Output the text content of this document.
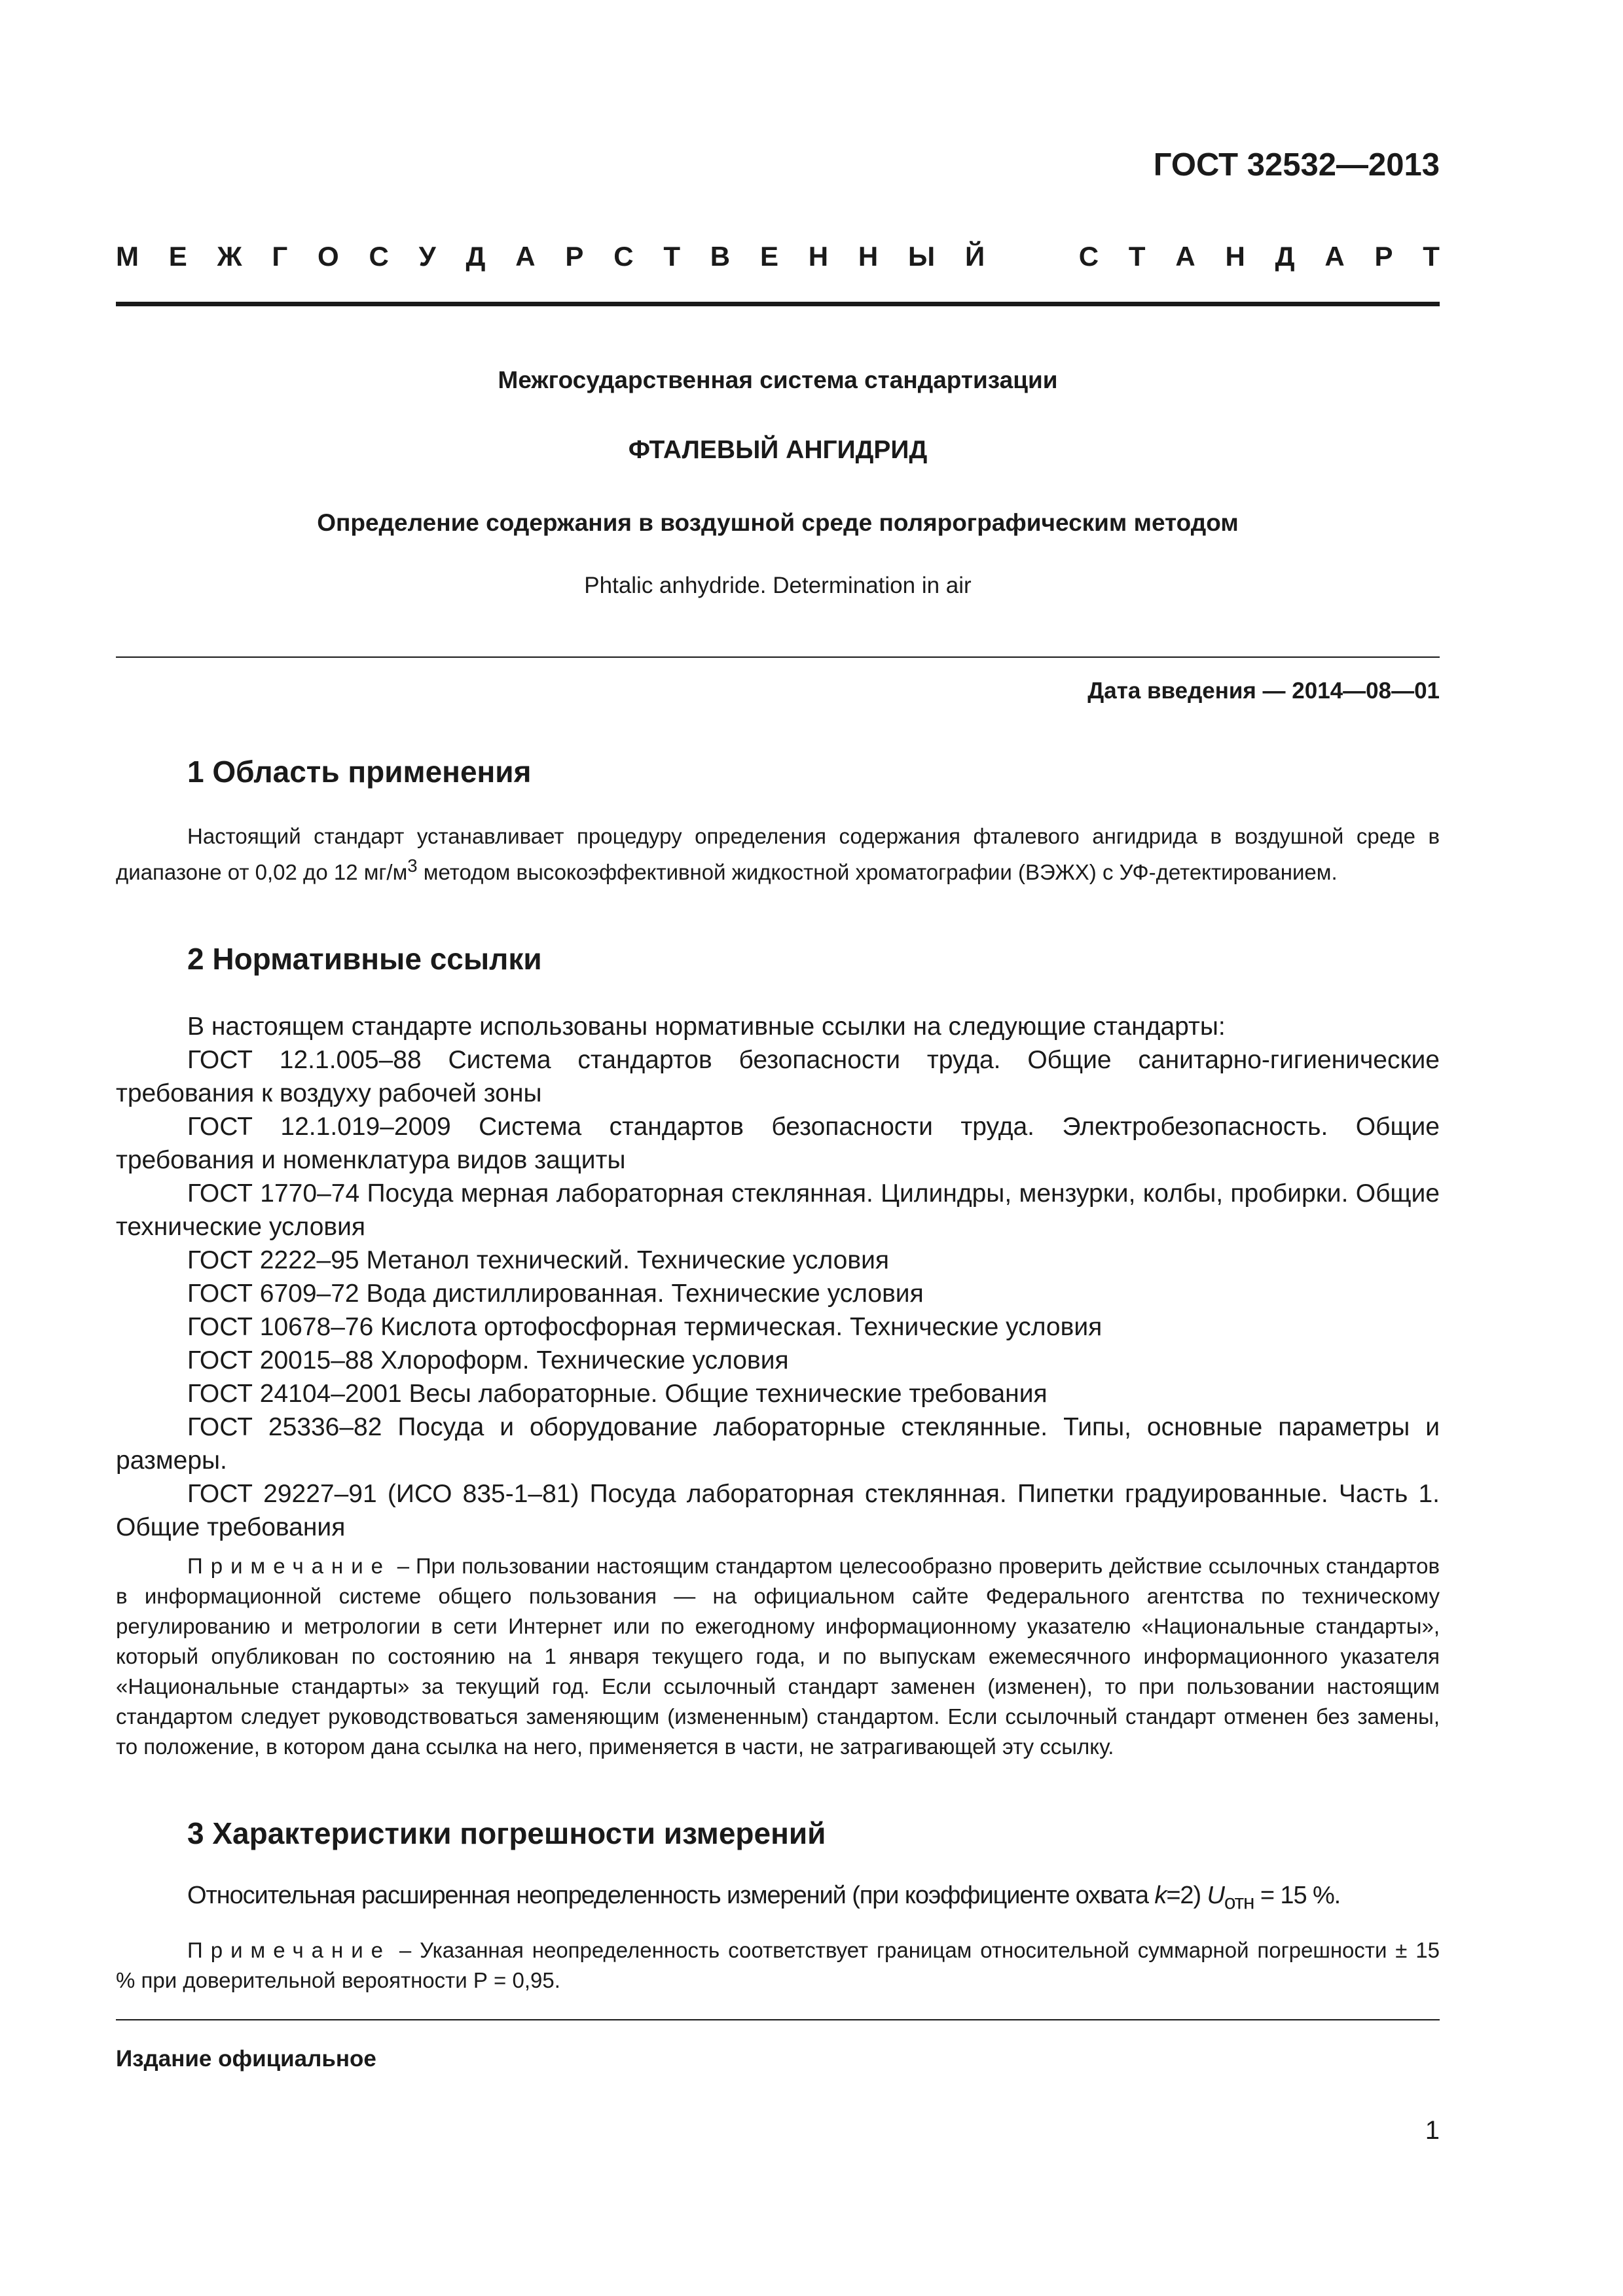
ГОСТ 32532—2013
М Е Ж Г О С У Д А Р С Т В Е Н Н Ы Й	С Т А Н Д А Р Т
Межгосударственная система стандартизации
ФТАЛЕВЫЙ АНГИДРИД
Определение содержания в воздушной среде полярографическим методом
Phtalic anhydride. Determination in air
Дата введения — 2014—08—01
1 Область применения

Настоящий стандарт устанавливает процедуру определения содержания фталевого ангидрида в воздушной среде в диапазоне от 0,02 до 12 $мг/м^3$ методом высокоэффективной жидкостной хроматографии (ВЭЖХ) с УФ-детектированием.

2 Нормативные ссылки

В настоящем стандарте использованы нормативные ссылки на следующие стандарты:

ГОСТ 12.1.005–88 Система стандартов безопасности труда. Общие санитарно-гигиенические требования к воздуху рабочей зоны

ГОСТ 12.1.019–2009 Система стандартов безопасности труда. Электробезопасность. Общие требования и номенклатура видов защиты

ГОСТ 1770–74 Посуда мерная лабораторная стеклянная. Цилиндры, мензурки, колбы, пробирки. Общие технические условия

ГОСТ 2222–95 Метанол технический. Технические условия

ГОСТ 6709–72 Вода дистиллированная. Технические условия

ГОСТ 10678–76 Кислота ортофосфорная термическая. Технические условия

ГОСТ 20015–88 Хлороформ. Технические условия

ГОСТ 24104–2001 Весы лабораторные. Общие технические требования

ГОСТ 25336–82 Посуда и оборудование лабораторные стеклянные. Типы, основные параметры и размеры.

ГОСТ 29227–91 (ИСО 835-1–81) Посуда лабораторная стеклянная. Пипетки градуированные. Часть 1. Общие требования

Примечание – При пользовании настоящим стандартом целесообразно проверить действие ссылочных стандартов в информационной системе общего пользования — на официальном сайте Федерального агентства по техническому регулированию и метрологии в сети Интернет или по ежегодному информационному указателю «Национальные стандарты», который опубликован по состоянию на 1 января текущего года, и по выпускам ежемесячного информационного указателя «Национальные стандарты» за текущий год. Если ссылочный стандарт заменен (изменен), то при пользовании настоящим стандартом следует руководствоваться заменяющим (измененным) стандартом. Если ссылочный стандарт отменен без замены, то положение, в котором дана ссылка на него, применяется в части, не затрагивающей эту ссылку.

3 Характеристики погрешности измерений
Относительная расширенная неопределенность измерений (при коэффициенте охвата k=2) $U_{отн} = 15$ %.

Примечание – Указанная неопределенность соответствует границам относительной суммарной погрешности ± 15 % при доверительной вероятности Р = 0,95.

Издание официальное
1
